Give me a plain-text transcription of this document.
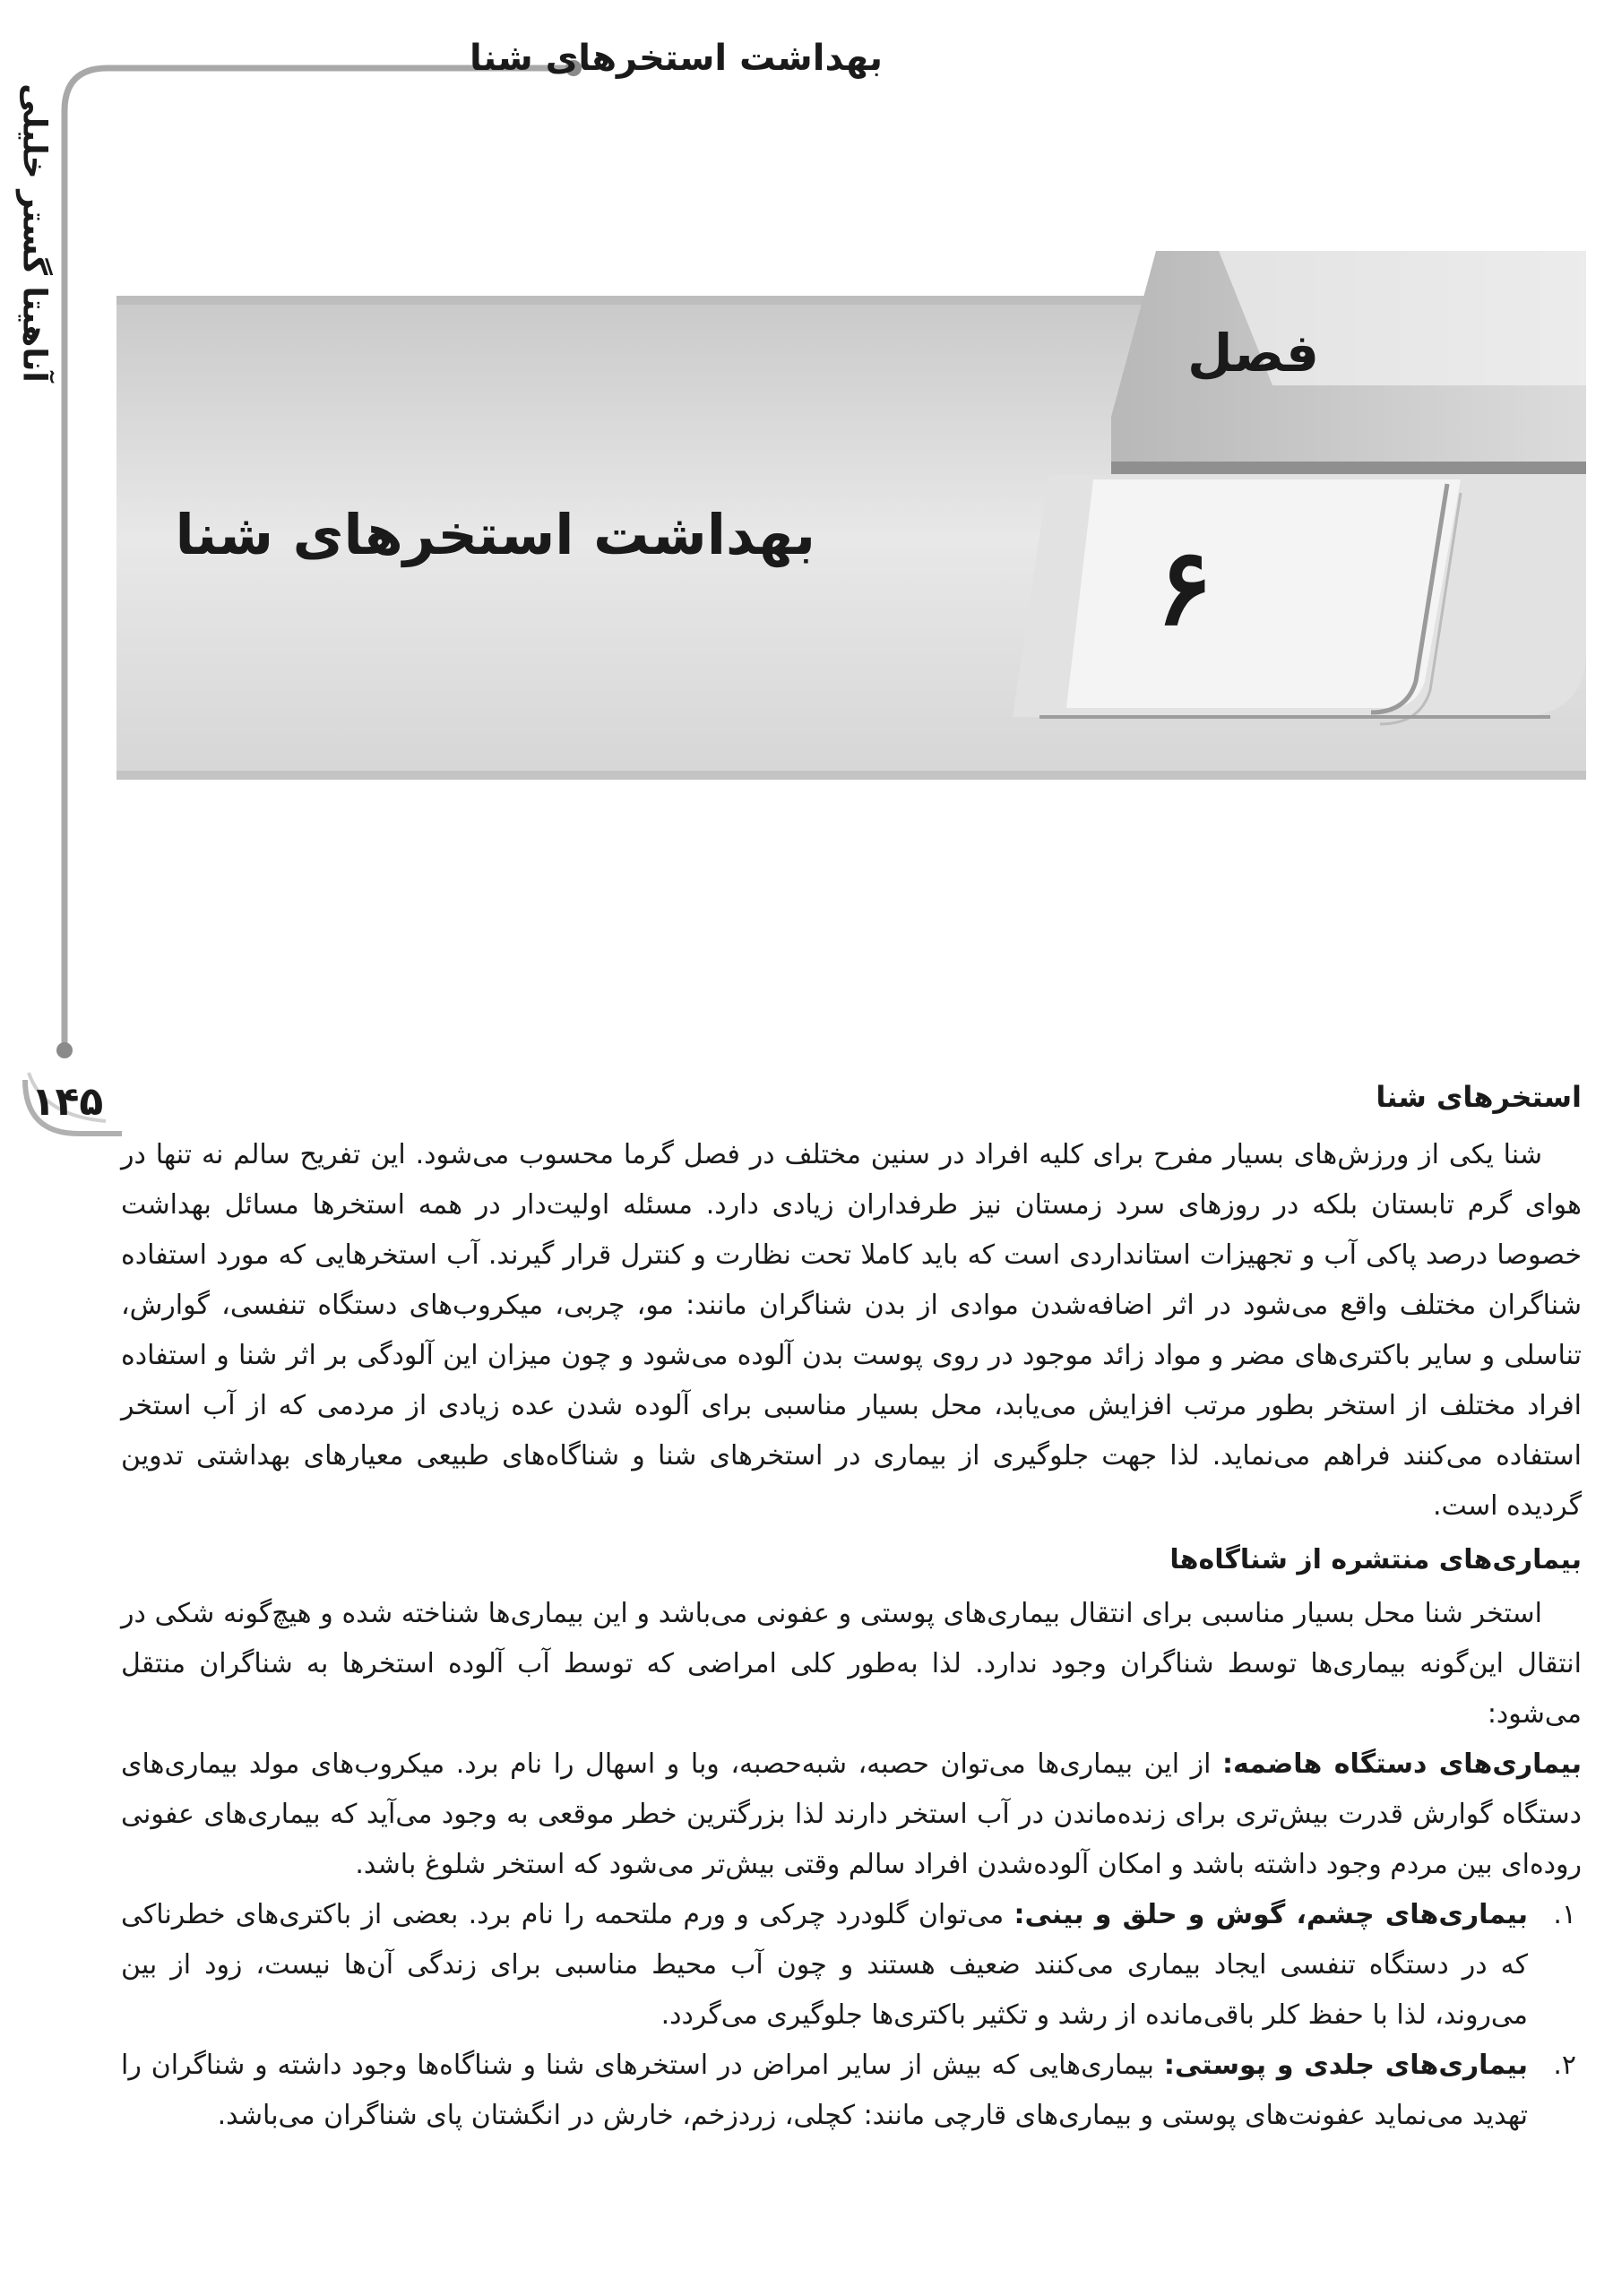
بهداشت استخرهای شنا
آناهیتا گستر خلیلی
۱۴۵
فصل
۶
بهداشت استخرهای شنا
استخرهای شنا

شنا یکی از ورزش‌های بسیار مفرح برای کلیه افراد در سنین مختلف در فصل گرما محسوب می‌شود. این تفریح سالم نه تنها در هوای گرم تابستان بلکه در روزهای سرد زمستان نیز طرفداران زیادی دارد. مسئله اولیت‌دار در همه استخرها مسائل بهداشت خصوصا درصد پاکی آب و تجهیزات استانداردی است که باید کاملا تحت نظارت و کنترل قرار گیرند. آب استخرهایی که مورد استفاده شناگران مختلف واقع می‌شود در اثر اضافه‌شدن موادی از بدن شناگران مانند: مو، چربی، میکروب‌های دستگاه تنفسی، گوارش، تناسلی و سایر باکتری‌های مضر و مواد زائد موجود در روی پوست بدن آلوده می‌شود و چون میزان این آلودگی بر اثر شنا و استفاده افراد مختلف از استخر بطور مرتب افزایش می‌یابد، محل بسیار مناسبی برای آلوده شدن عده زیادی از مردمی که از آب استخر استفاده می‌کنند فراهم می‌نماید. لذا جهت جلوگیری از بیماری در استخرهای شنا و شناگاه‌های طبیعی معیارهای بهداشتی تدوین گردیده است.

بیماری‌های منتشره از شناگاه‌ها

استخر شنا محل بسیار مناسبی برای انتقال بیماری‌های پوستی و عفونی می‌باشد و این بیماری‌ها شناخته شده و هیچ‌گونه شکی در انتقال این‌گونه بیماری‌ها توسط شناگران وجود ندارد. لذا به‌طور کلی امراضی که توسط آب آلوده استخرها به شناگران منتقل می‌شود:

بیماری‌های دستگاه هاضمه: از این بیماری‌ها می‌توان حصبه، شبه‌حصبه، وبا و اسهال را نام برد. میکروب‌های مولد بیماری‌های دستگاه گوارش قدرت بیش‌تری برای زنده‌ماندن در آب استخر دارند لذا بزرگترین خطر موقعی به وجود می‌آید که بیماری‌های عفونی روده‌ای بین مردم وجود داشته باشد و امکان آلوده‌شدن افراد سالم وقتی بیش‌تر می‌شود که استخر شلوغ باشد.

۱.
بیماری‌های چشم، گوش و حلق و بینی: می‌توان گلودرد چرکی و ورم ملتحمه را نام برد. بعضی از باکتری‌های خطرناکی که در دستگاه تنفسی ایجاد بیماری می‌کنند ضعیف هستند و چون آب محیط مناسبی برای زندگی آن‌ها نیست، زود از بین می‌روند، لذا با حفظ کلر باقی‌مانده از رشد و تکثیر باکتری‌ها جلوگیری می‌گردد.
۲.
بیماری‌های جلدی و پوستی: بیماری‌هایی که بیش از سایر امراض در استخرهای شنا و شناگاه‌ها وجود داشته و شناگران را تهدید می‌نماید عفونت‌های پوستی و بیماری‌های قارچی مانند: کچلی، زردزخم، خارش در انگشتان پای شناگران می‌باشد.
